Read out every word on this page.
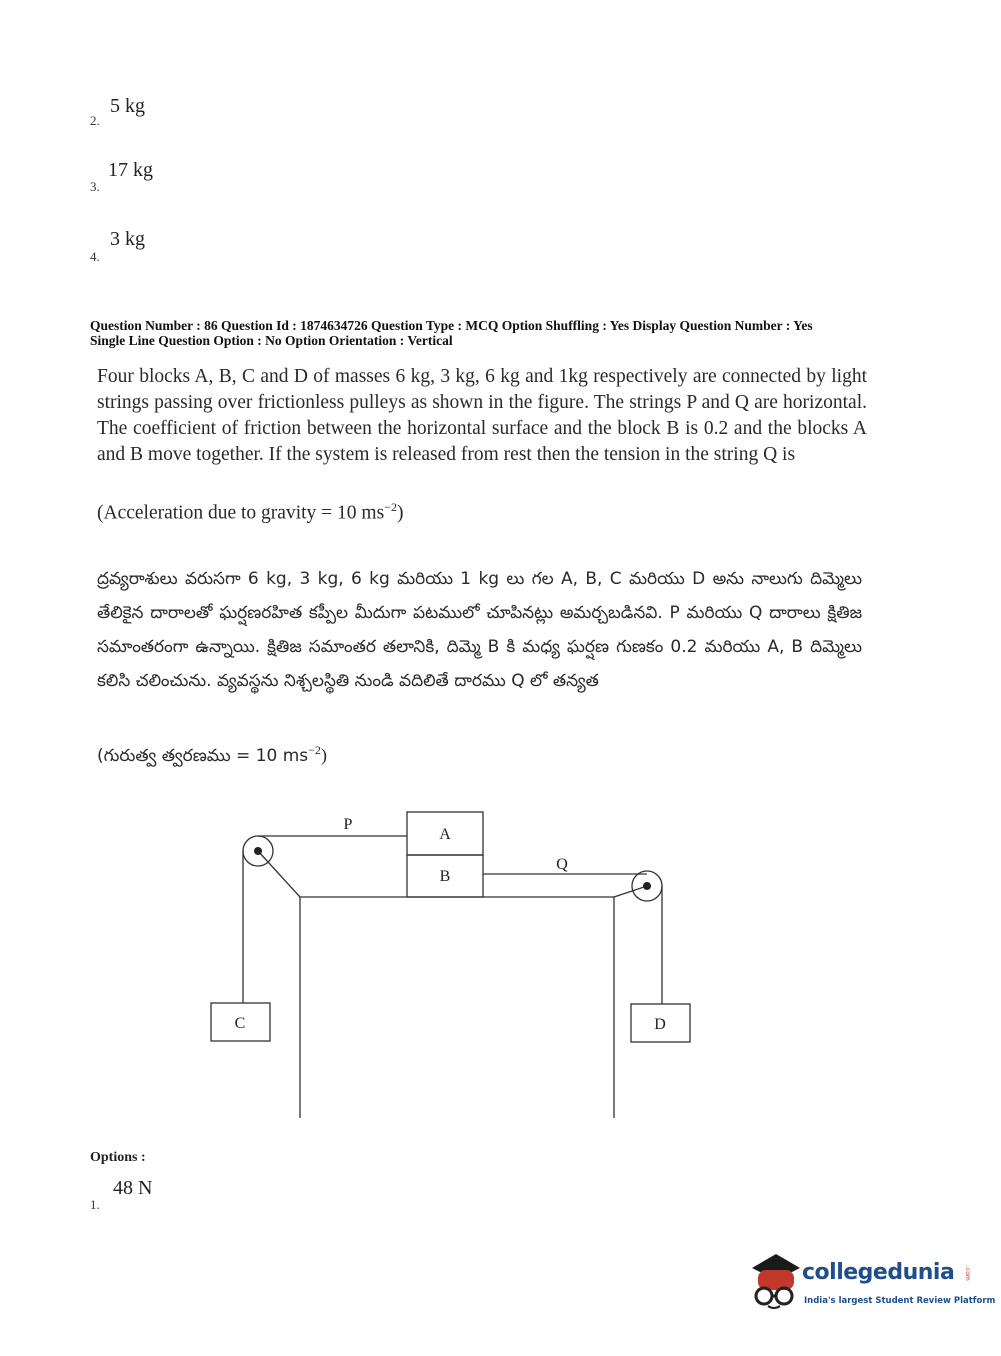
5 kg
2.
17 kg
3.
3 kg
4.
Question Number : 86 Question Id : 1874634726 Question Type : MCQ Option Shuffling : Yes Display Question Number : Yes
Single Line Question Option : No Option Orientation : Vertical
Four blocks A, B, C and D of masses 6 kg, 3 kg, 6 kg and 1kg respectively are connected by light strings passing over frictionless pulleys as shown in the figure. The strings P and Q are horizontal. The coefficient of friction between the horizontal surface and the block B is 0.2 and the blocks A and B move together. If the system is released from rest then the tension in the string Q is
(Acceleration due to gravity = 10 $ms^{-2}$)
ద్రవ్యరాశులు వరుసగా 6 kg, 3 kg, 6 kg మరియు 1 kg లు గల A, B, C మరియు D అను నాలుగు దిమ్మెలు తేలికైన దారాలతో ఘర్షణరహిత కప్పీల మీదుగా పటములో చూపినట్లు అమర్చబడినవి. P మరియు Q దారాలు క్షితిజ సమాంతరంగా ఉన్నాయి. క్షితిజ సమాంతర తలానికి, దిమ్మె B కి మధ్య ఘర్షణ గుణకం 0.2 మరియు A, B దిమ్మెలు కలిసి చలించును. వ్యవస్థను నిశ్చలస్థితి నుండి వదిలితే దారము Q లో తన్యత
(గురుత్వ త్వరణము = 10 $ms^{-2}$)
P
Q
A
B
C	D
Options :
48 N
1.
collegedunia .com
India's largest Student Review Platform
